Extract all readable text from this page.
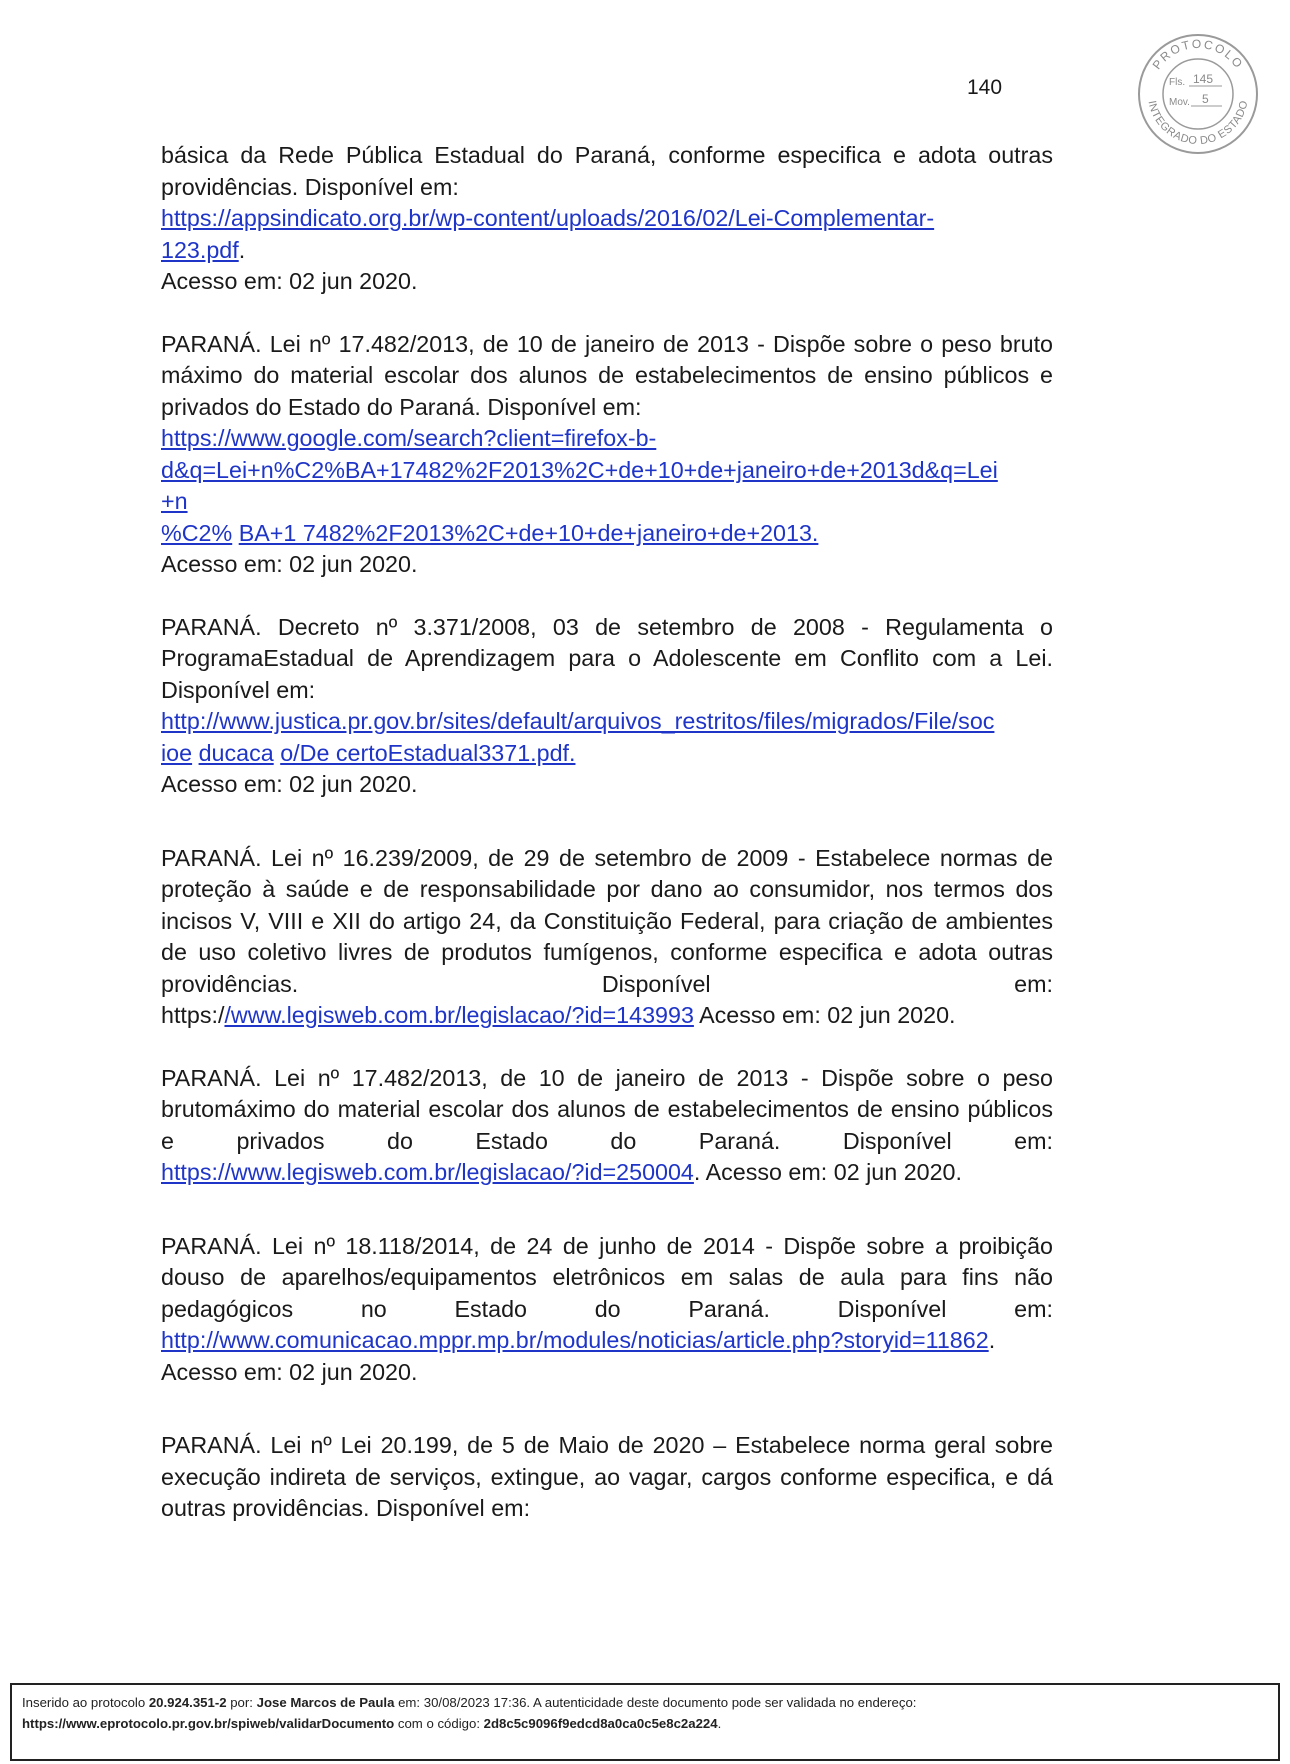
140
PROTOCOLO
INTEGRADO DO ESTADO
Fls. 145
Mov. 5
básica da Rede Pública Estadual do Paraná, conforme especifica e adota outras providências. Disponível em:
https://appsindicato.org.br/wp-content/uploads/2016/02/Lei-Complementar-
123.pdf.
Acesso em: 02 jun 2020.
PARANÁ. Lei nº 17.482/2013, de 10 de janeiro de 2013 - Dispõe sobre o peso bruto máximo do material escolar dos alunos de estabelecimentos de ensino públicos e privados do Estado do Paraná. Disponível em:
https://www.google.com/search?client=firefox-b-
d&q=Lei+n%C2%BA+17482%2F2013%2C+de+10+de+janeiro+de+2013d&q=Lei
+n
%C2% BA+1 7482%2F2013%2C+de+10+de+janeiro+de+2013.
Acesso em: 02 jun 2020.
PARANÁ. Decreto nº 3.371/2008, 03 de setembro de 2008 - Regulamenta o ProgramaEstadual de Aprendizagem para o Adolescente em Conflito com a Lei. Disponível em:
http://www.justica.pr.gov.br/sites/default/arquivos_restritos/files/migrados/File/soc
ioe ducaca o/De certoEstadual3371.pdf.
Acesso em: 02 jun 2020.
PARANÁ. Lei nº 16.239/2009, de 29 de setembro de 2009 - Estabelece normas de proteção à saúde e de responsabilidade por dano ao consumidor, nos termos dos incisos V, VIII e XII do artigo 24, da Constituição Federal, para criação de ambientes de uso coletivo livres de produtos fumígenos, conforme especifica e adota outras providências. Disponível em:
https://www.legisweb.com.br/legislacao/?id=143993 Acesso em: 02 jun 2020.
PARANÁ. Lei nº 17.482/2013, de 10 de janeiro de 2013 - Dispõe sobre o peso brutomáximo do material escolar dos alunos de estabelecimentos de ensino públicos e privados do Estado do Paraná. Disponível em:
https://www.legisweb.com.br/legislacao/?id=250004. Acesso em: 02 jun 2020.
PARANÁ. Lei nº 18.118/2014, de 24 de junho de 2014 - Dispõe sobre a proibição douso de aparelhos/equipamentos eletrônicos em salas de aula para fins não pedagógicos no Estado do Paraná. Disponível em:
http://www.comunicacao.mppr.mp.br/modules/noticias/article.php?storyid=11862.
Acesso em: 02 jun 2020.
PARANÁ. Lei nº Lei 20.199, de 5 de Maio de 2020 – Estabelece norma geral sobre execução indireta de serviços, extingue, ao vagar, cargos conforme especifica, e dá outras providências. Disponível em:
Inserido ao protocolo 20.924.351-2 por: Jose Marcos de Paula em: 30/08/2023 17:36. A autenticidade deste documento pode ser validada no endereço:
https://www.eprotocolo.pr.gov.br/spiweb/validarDocumento com o código: 2d8c5c9096f9edcd8a0ca0c5e8c2a224.
